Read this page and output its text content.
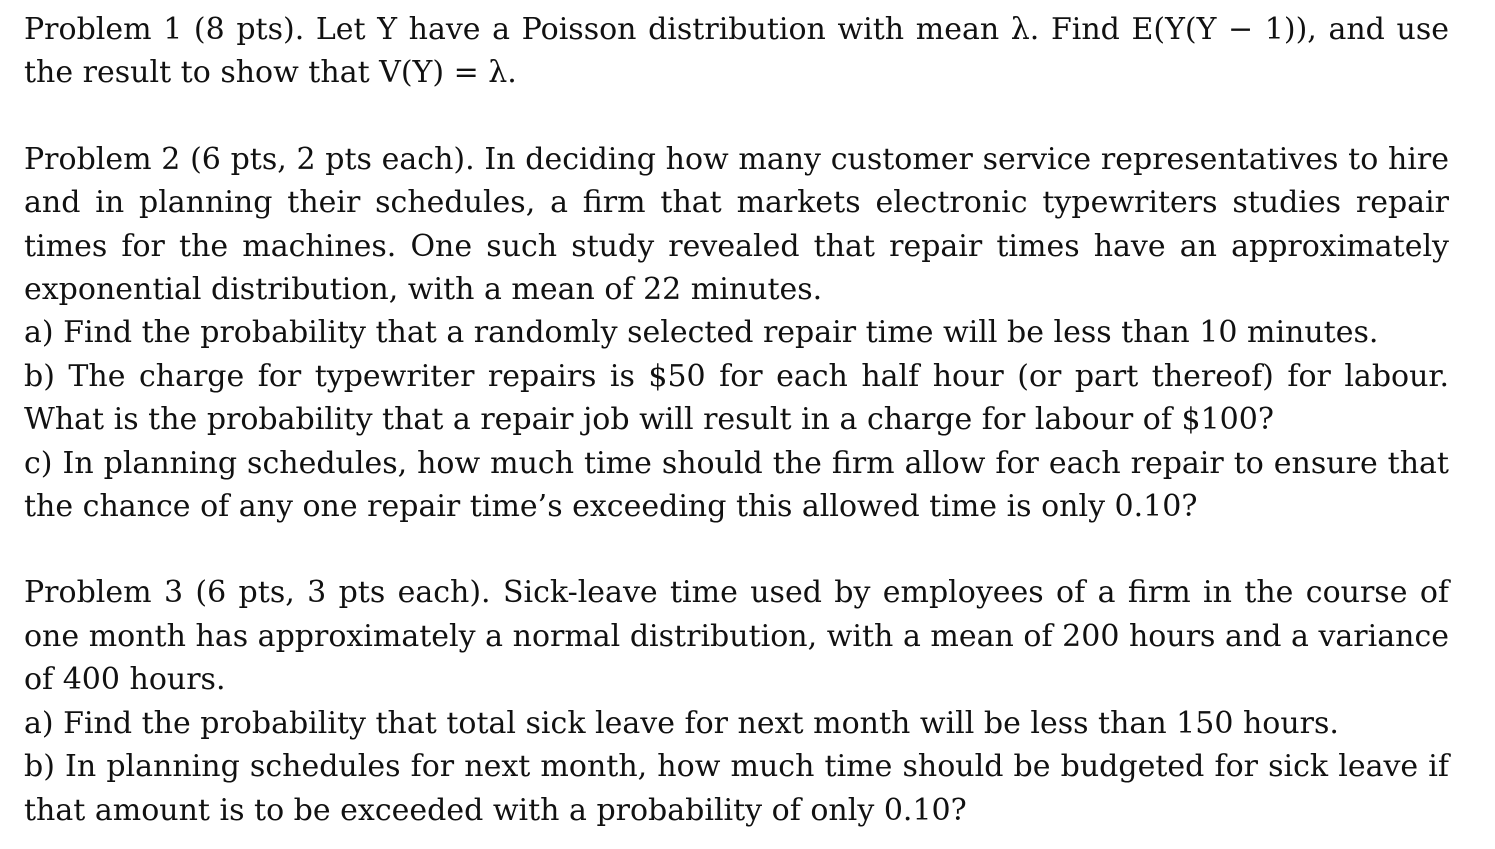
Problem 1 (8 pts). Let Y have a Poisson distribution with mean λ. Find E(Y(Y − 1)), and use the result to show that V(Y) = λ.
Problem 2 (6 pts, 2 pts each). In deciding how many customer service representatives to hire and in planning their schedules, a firm that markets electronic typewriters studies repair times for the machines. One such study revealed that repair times have an approximately exponential distribution, with a mean of 22 minutes.
a) Find the probability that a randomly selected repair time will be less than 10 minutes.
b) The charge for typewriter repairs is $50 for each half hour (or part thereof) for labour. What is the probability that a repair job will result in a charge for labour of $100?
c) In planning schedules, how much time should the firm allow for each repair to ensure that the chance of any one repair time’s exceeding this allowed time is only 0.10?
Problem 3 (6 pts, 3 pts each). Sick-leave time used by employees of a firm in the course of one month has approximately a normal distribution, with a mean of 200 hours and a variance of 400 hours.
a) Find the probability that total sick leave for next month will be less than 150 hours.
b) In planning schedules for next month, how much time should be budgeted for sick leave if that amount is to be exceeded with a probability of only 0.10?
